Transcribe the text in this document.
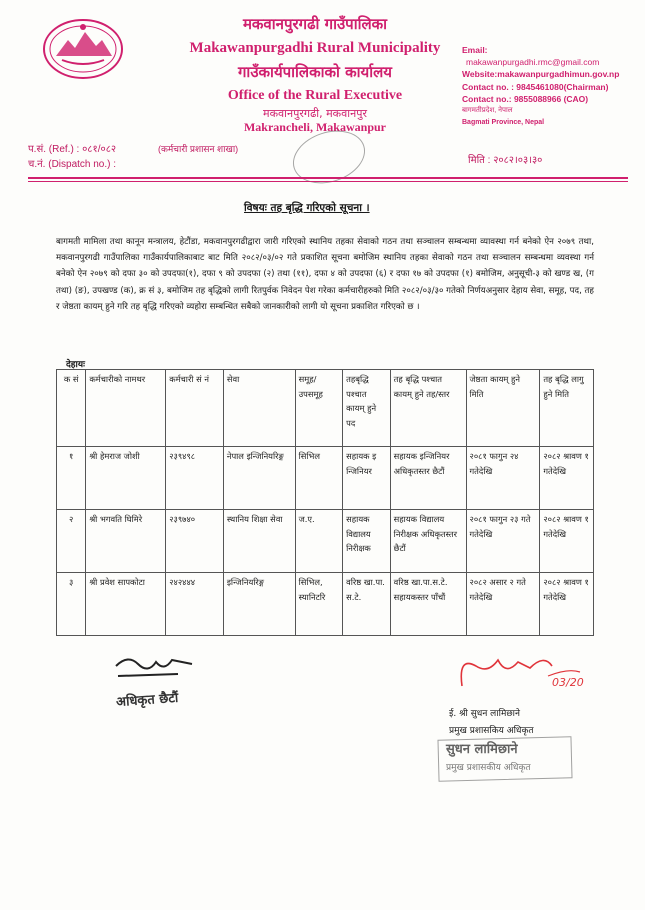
मकवानपुरगढी गाउँपालिका
Makawanpurgadhi Rural Municipality
गाउँकार्यपालिकाको कार्यालय
Office of the Rural Executive
मकवानपुरगढी, मकवानपुर
Makrancheli, Makawanpur
Email:
makawanpurgadhi.rmc@gmail.com
Website:makawanpurgadhimun.gov.np
Contact no. : 9845461080(Chairman)
Contact no.: 9855088966 (CAO)
बागमतीप्रदेश, नेपाल
Bagmati Province, Nepal
प.सं. (Ref.) : ०८१/०८२	(कर्मचारी प्रशासन शाखा)
च.नं. (Dispatch no.) :	मिति : २०८२।०३।३०
विषयः तह बृद्धि गरिएको सूचना ।
बागमती मामिला तथा कानून मन्त्रालय, हेटौंडा, मकवानपुरगढीद्वारा जारी गरिएको स्थानिय तहका सेवाको गठन तथा सञ्चालन सम्बन्धमा व्यावस्था गर्न बनेको ऐन २०७९ तथा, मकवानपुरगढी गाउँपालिका गाउँकार्यपालिकाबाट बाट मिति २०८२/०३/०२ गते प्रकाशित सूचना बमोजिम स्थानिय तहका सेवाको गठन तथा सञ्चालन सम्बन्धमा व्यवस्था गर्न बनेको ऐन २०७९ को दफा ३० को उपदफा(१), दफा ९ को उपदफा (२) तथा (११), दफा ४ को उपदफा (६) र दफा १७ को उपदफा (१) बमोजिम, अनुसूची-३ को खण्ड ख, (ग तथा) (ङ), उपखण्ड (क), क्र सं ३, बमोजिम तह बृद्धिको लागी रितपुर्वक निवेदन पेश गरेका कर्मचारीहरुको मिति २०८२/०३/३० गतेको निर्णयअनुसार देहाय सेवा, समूह, पद, तह र जेष्ठता कायम् हुने गरि तह बृद्धि गरिएको व्यहोरा सम्बन्धित सबैको जानकारीको लागी यो सूचना प्रकाशित गरिएको छ ।
क सं	कर्मचारीको नामथर	कर्मचारी सं नं	सेवा	समूह/ उपसमूह	तहबृद्धि पश्चात कायम् हुने पद	तह बृद्धि पश्चात कायम् हुने तह/स्तर	जेष्ठता कायम् हुने मिति	तह बृद्धि लागु हुने मिति
१	श्री हेमराज जोशी	२३९४९८	नेपाल इन्जिनियरिङ्ग	सिभिल	सहायक इन्जिनियर	सहायक इन्जिनियर अधिकृतस्तर छैटौं	२०८१ फागुन २४ गतेदेखि	२०८२ श्रावण १ गतेदेखि
२	श्री भगवति घिमिरे	२३९७४०	स्थानिय शिक्षा सेवा	ज.ए.	सहायक विद्यालय निरीक्षक	सहायक विद्यालय निरीक्षक अधिकृतस्तर छैटौं	२०८१ फागुन २३ गते गतेदेखि	२०८२ श्रावण १ गतेदेखि
३	श्री प्रवेश सापकोटा	२४२४४४	इन्जिनियरिङ्ग	सिभिल, स्यानिटरि	वरिष्ठ खा.पा.स.टे.	वरिष्ठ खा.पा.स.टे. सहायकस्तर पाँचौं	२०८२ असार २ गते गतेदेखि	२०८२ श्रावण १ गतेदेखि
देहायः
अधिकृत छैटौं
03/20
ई. श्री सुधन लामिछाने
प्रमुख प्रशासकिय अधिकृत
सुधन लामिछाने
प्रमुख प्रशासकीय अधिकृत
